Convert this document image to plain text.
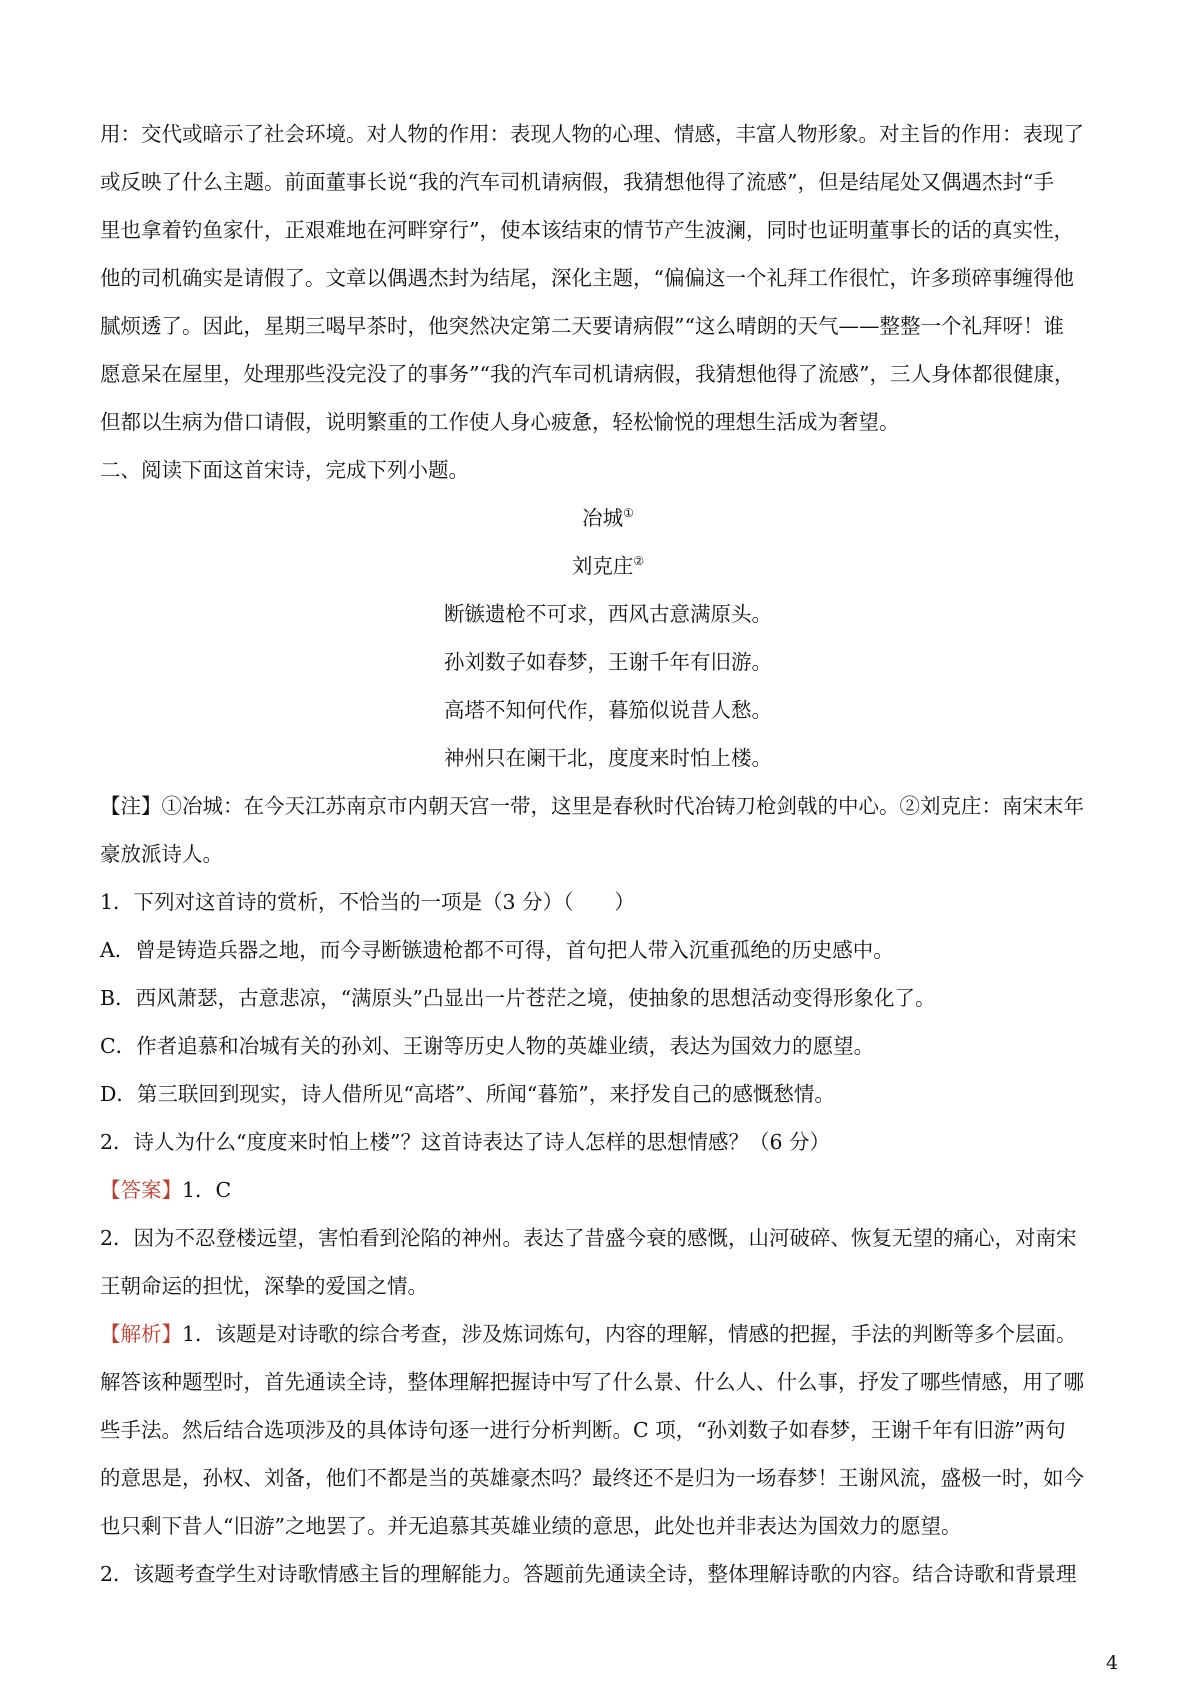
用：交代或暗示了社会环境。对人物的作用：表现人物的心理、情感，丰富人物形象。对主旨的作用：表现了
或反映了什么主题。前面董事长说“我的汽车司机请病假，我猜想他得了流感”，但是结尾处又偶遇杰封“手
里也拿着钓鱼家什，正艰难地在河畔穿行”，使本该结束的情节产生波澜，同时也证明董事长的话的真实性，
他的司机确实是请假了。文章以偶遇杰封为结尾，深化主题，“偏偏这一个礼拜工作很忙，许多琐碎事缠得他
腻烦透了。因此，星期三喝早茶时，他突然决定第二天要请病假”“这么晴朗的天气——整整一个礼拜呀！谁
愿意呆在屋里，处理那些没完没了的事务”“我的汽车司机请病假，我猜想他得了流感”，三人身体都很健康，
但都以生病为借口请假，说明繁重的工作使人身心疲惫，轻松愉悦的理想生活成为奢望。
二、阅读下面这首宋诗，完成下列小题。
冶城①
刘克庄②
断镞遗枪不可求，西风古意满原头。
孙刘数子如春梦，王谢千年有旧游。
高塔不知何代作，暮笳似说昔人愁。
神州只在阑干北，度度来时怕上楼。
【注】①冶城：在今天江苏南京市内朝天宫一带，这里是春秋时代冶铸刀枪剑戟的中心。②刘克庄：南宋末年
豪放派诗人。
1．下列对这首诗的赏析，不恰当的一项是（3 分）（　　）
A．曾是铸造兵器之地，而今寻断镞遗枪都不可得，首句把人带入沉重孤绝的历史感中。
B．西风萧瑟，古意悲凉，“满原头”凸显出一片苍茫之境，使抽象的思想活动变得形象化了。
C．作者追慕和冶城有关的孙刘、王谢等历史人物的英雄业绩，表达为国效力的愿望。
D．第三联回到现实，诗人借所见“高塔”、所闻“暮笳”，来抒发自己的感慨愁情。
2．诗人为什么“度度来时怕上楼”？这首诗表达了诗人怎样的思想情感？（6 分）
【答案】1．C
2．因为不忍登楼远望，害怕看到沦陷的神州。表达了昔盛今衰的感慨，山河破碎、恢复无望的痛心，对南宋
王朝命运的担忧，深挚的爱国之情。
【解析】1．该题是对诗歌的综合考查，涉及炼词炼句，内容的理解，情感的把握，手法的判断等多个层面。
解答该种题型时，首先通读全诗，整体理解把握诗中写了什么景、什么人、什么事，抒发了哪些情感，用了哪
些手法。然后结合选项涉及的具体诗句逐一进行分析判断。C 项，“孙刘数子如春梦，王谢千年有旧游”两句
的意思是，孙权、刘备，他们不都是当的英雄豪杰吗？最终还不是归为一场春梦！王谢风流，盛极一时，如今
也只剩下昔人“旧游”之地罢了。并无追慕其英雄业绩的意思，此处也并非表达为国效力的愿望。
2．该题考查学生对诗歌情感主旨的理解能力。答题前先通读全诗，整体理解诗歌的内容。结合诗歌和背景理
4
